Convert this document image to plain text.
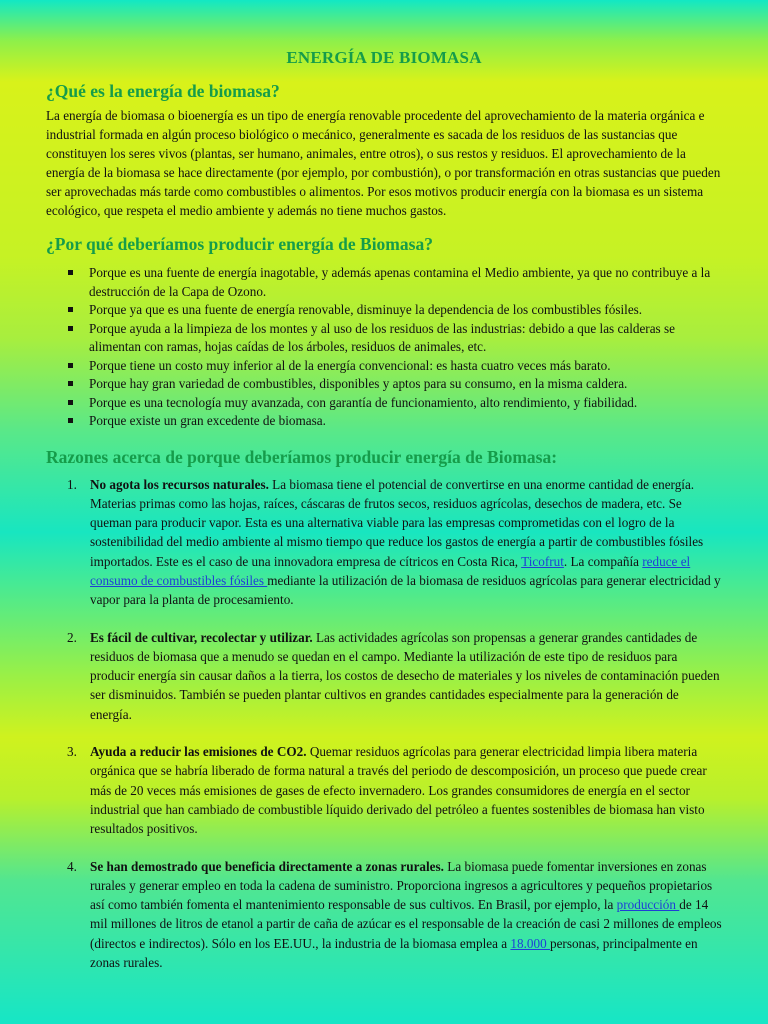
ENERGÍA DE BIOMASA
¿Qué es la energía de biomasa?

La energía de biomasa o bioenergía es un tipo de energía renovable procedente del aprovechamiento de la materia orgánica e industrial formada en algún proceso biológico o mecánico, generalmente es sacada de los residuos de las sustancias que constituyen los seres vivos (plantas, ser humano, animales, entre otros), o sus restos y residuos. El aprovechamiento de la energía de la biomasa se hace directamente (por ejemplo, por combustión), o por transformación en otras sustancias que pueden ser aprovechadas más tarde como combustibles o alimentos. Por esos motivos producir energía con la biomasa es un sistema ecológico, que respeta el medio ambiente y además no tiene muchos gastos.

¿Por qué deberíamos producir energía de Biomasa?
Porque es una fuente de energía inagotable, y además apenas contamina el Medio ambiente, ya que no contribuye a la destrucción de la Capa de Ozono.
Porque ya que es una fuente de energía renovable, disminuye la dependencia de los combustibles fósiles.
Porque ayuda a la limpieza de los montes y al uso de los residuos de las industrias: debido a que las calderas se alimentan con ramas, hojas caídas de los árboles, residuos de animales, etc.
Porque tiene un costo muy inferior al de la energía convencional: es hasta cuatro veces más barato.
Porque hay gran variedad de combustibles, disponibles y aptos para su consumo, en la misma caldera.
Porque es una tecnología muy avanzada, con garantía de funcionamiento, alto rendimiento, y fiabilidad.
Porque existe un gran excedente de biomasa.
Razones acerca de porque deberíamos producir energía de Biomasa:
1. No agota los recursos naturales. La biomasa tiene el potencial de convertirse en una enorme cantidad de energía. Materias primas como las hojas, raíces, cáscaras de frutos secos, residuos agrícolas, desechos de madera, etc. Se queman para producir vapor. Esta es una alternativa viable para las empresas comprometidas con el logro de la sostenibilidad del medio ambiente al mismo tiempo que reduce los gastos de energía a partir de combustibles fósiles importados. Este es el caso de una innovadora empresa de cítricos en Costa Rica, Ticofrut. La compañía reduce el consumo de combustibles fósiles mediante la utilización de la biomasa de residuos agrícolas para generar electricidad y vapor para la planta de procesamiento.
2. Es fácil de cultivar, recolectar y utilizar. Las actividades agrícolas son propensas a generar grandes cantidades de residuos de biomasa que a menudo se quedan en el campo. Mediante la utilización de este tipo de residuos para producir energía sin causar daños a la tierra, los costos de desecho de materiales y los niveles de contaminación pueden ser disminuidos. También se pueden plantar cultivos en grandes cantidades especialmente para la generación de energía.
3. Ayuda a reducir las emisiones de CO2. Quemar residuos agrícolas para generar electricidad limpia libera materia orgánica que se habría liberado de forma natural a través del periodo de descomposición, un proceso que puede crear más de 20 veces más emisiones de gases de efecto invernadero. Los grandes consumidores de energía en el sector industrial que han cambiado de combustible líquido derivado del petróleo a fuentes sostenibles de biomasa han visto resultados positivos.
4. Se han demostrado que beneficia directamente a zonas rurales. La biomasa puede fomentar inversiones en zonas rurales y generar empleo en toda la cadena de suministro. Proporciona ingresos a agricultores y pequeños propietarios así como también fomenta el mantenimiento responsable de sus cultivos. En Brasil, por ejemplo, la producción de 14 mil millones de litros de etanol a partir de caña de azúcar es el responsable de la creación de casi 2 millones de empleos (directos e indirectos). Sólo en los EE.UU., la industria de la biomasa emplea a 18.000 personas, principalmente en zonas rurales.
